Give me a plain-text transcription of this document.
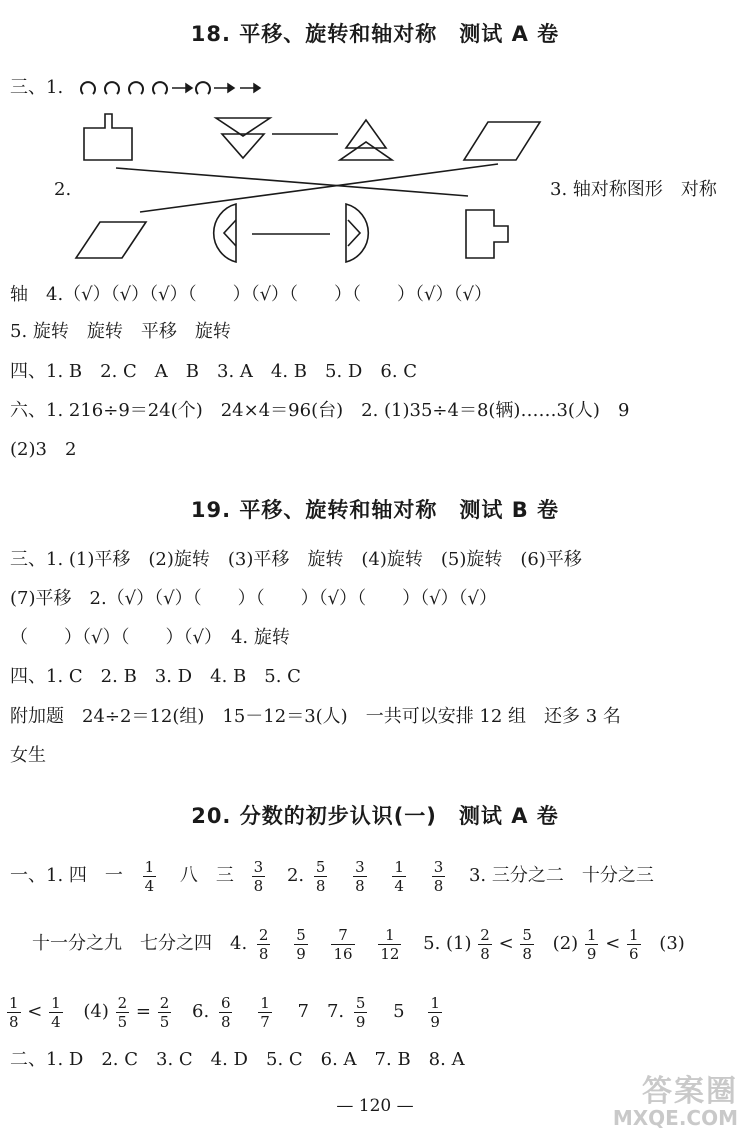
18. 平移、旋转和轴对称　测试 A 卷
三、1.
2.	3. 轴对称图形　对称
轴　4.（√）（√）（√）（　　）（√）（　　）（　　）（√）（√）
5. 旋转　旋转　平移　旋转
四、1. B　2. C　A　B　3. A　4. B　5. D　6. C
六、1. 216÷9＝24(个)　24×4＝96(台)　2. (1)35÷4＝8(辆)……3(人)　9
(2)3　2
19. 平移、旋转和轴对称　测试 B 卷
三、1. (1)平移　(2)旋转　(3)平移　旋转　(4)旋转　(5)旋转　(6)平移
(7)平移　2.（√）（√）（　　）（　　）（√）（　　）（√）（√）
（　　）（√）（　　）（√）　4. 旋转
四、1. C　2. B　3. D　4. B　5. C
附加题　24÷2＝12(组)　15－12＝3(人)　一共可以安排 12 组　还多 3 名
女生
20. 分数的初步认识(一)　测试 A 卷
一、1. 四　一 $\frac{1}{4}$ 八　三 $\frac{3}{8} 2$. $\frac{5}{8}$
$\frac{3}{8}$
$\frac{1}{4}$
$\frac{3}{8} 3$. 三分之二　十分之三
十一分之九　七分之四　4. $\frac{2}{8}$
$\frac{5}{9}$
$\frac{7}{16}$
$\frac{1}{12} 5$. $(1) \frac{2}{8} < \frac{5}{8} (2) \frac{1}{9} < \frac{1}{6} (3)$
$\frac{1}{8} < \frac{1}{4} (4) \frac{2}{5} = \frac{2}{5} 6$. $\frac{6}{8}$
$\frac{1}{7} 7$　7. $\frac{5}{9} 5 \frac{1}{9}$
二、1. D　2. C　3. C　4. D　5. C　6. A　7. B　8. A
— 120 —	答案圈
MXQE.COM
